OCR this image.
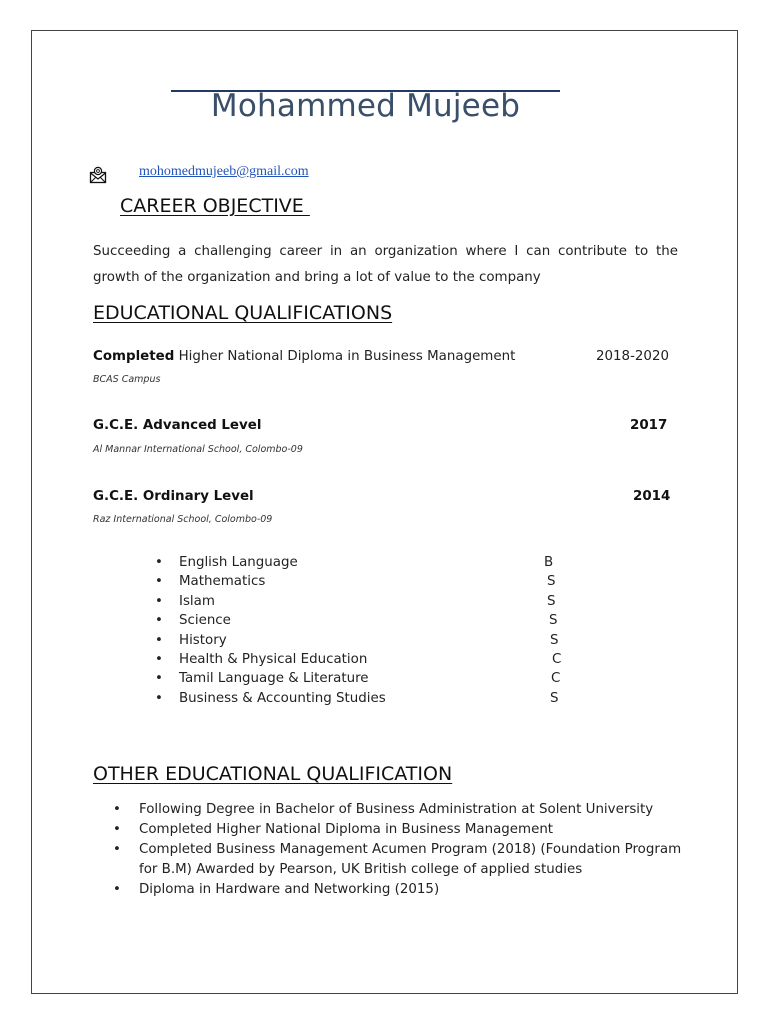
Mohammed Mujeeb
mohomedmujeeb@gmail.com
CAREER OBJECTIVE
Succeeding a challenging career in an organization where I can contribute to the growth of the organization and bring a lot of value to the company
EDUCATIONAL QUALIFICATIONS
Completed Higher National Diploma in Business Management	2018-2020
BCAS Campus
G.C.E. Advanced Level	2017
Al Mannar International School, Colombo-09
G.C.E. Ordinary Level	2014
Raz International School, Colombo-09
• English Language	B
• Mathematics	S
• Islam	S
• Science	S
• History	S
• Health & Physical Education	C
• Tamil Language & Literature	C
• Business & Accounting Studies	S
OTHER EDUCATIONAL QUALIFICATION
• Following Degree in Bachelor of Business Administration at Solent University
• Completed Higher National Diploma in Business Management
• Completed Business Management Acumen Program (2018) (Foundation Program for B.M) Awarded by Pearson, UK British college of applied studies
• Diploma in Hardware and Networking (2015)
